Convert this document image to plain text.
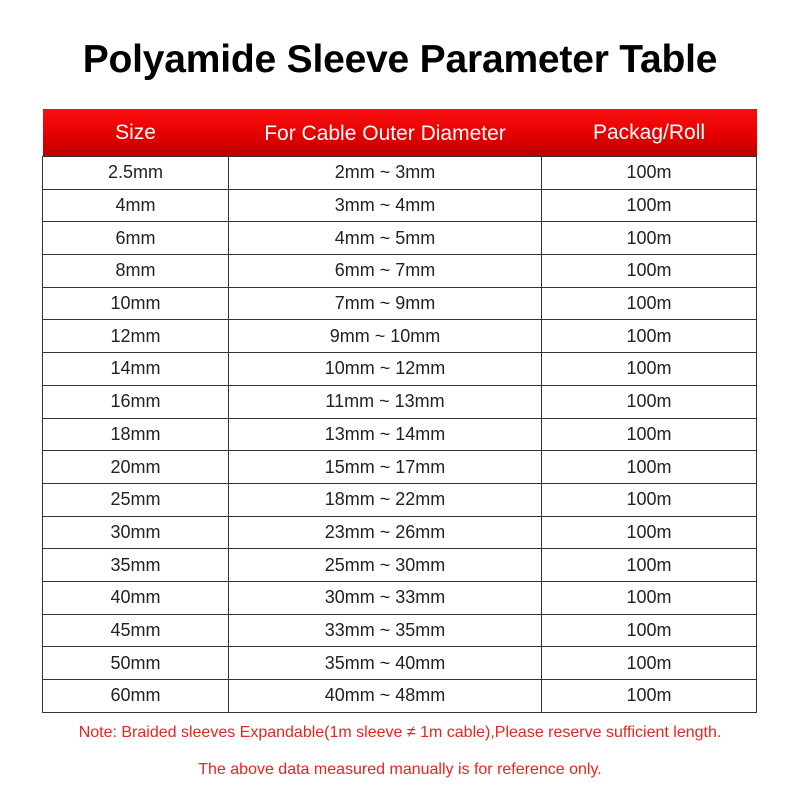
Polyamide Sleeve Parameter Table
Size	For Cable Outer Diameter	Packag/Roll
2.5mm	2mm ~ 3mm	100m
4mm	3mm ~ 4mm	100m
6mm	4mm ~ 5mm	100m
8mm	6mm ~ 7mm	100m
10mm	7mm ~ 9mm	100m
12mm	9mm ~ 10mm	100m
14mm	10mm ~ 12mm	100m
16mm	11mm ~ 13mm	100m
18mm	13mm ~ 14mm	100m
20mm	15mm ~ 17mm	100m
25mm	18mm ~ 22mm	100m
30mm	23mm ~ 26mm	100m
35mm	25mm ~ 30mm	100m
40mm	30mm ~ 33mm	100m
45mm	33mm ~ 35mm	100m
50mm	35mm ~ 40mm	100m
60mm	40mm ~ 48mm	100m
Note: Braided sleeves Expandable(1m sleeve ≠ 1m cable),Please reserve sufficient length.
The above data measured manually is for reference only.
